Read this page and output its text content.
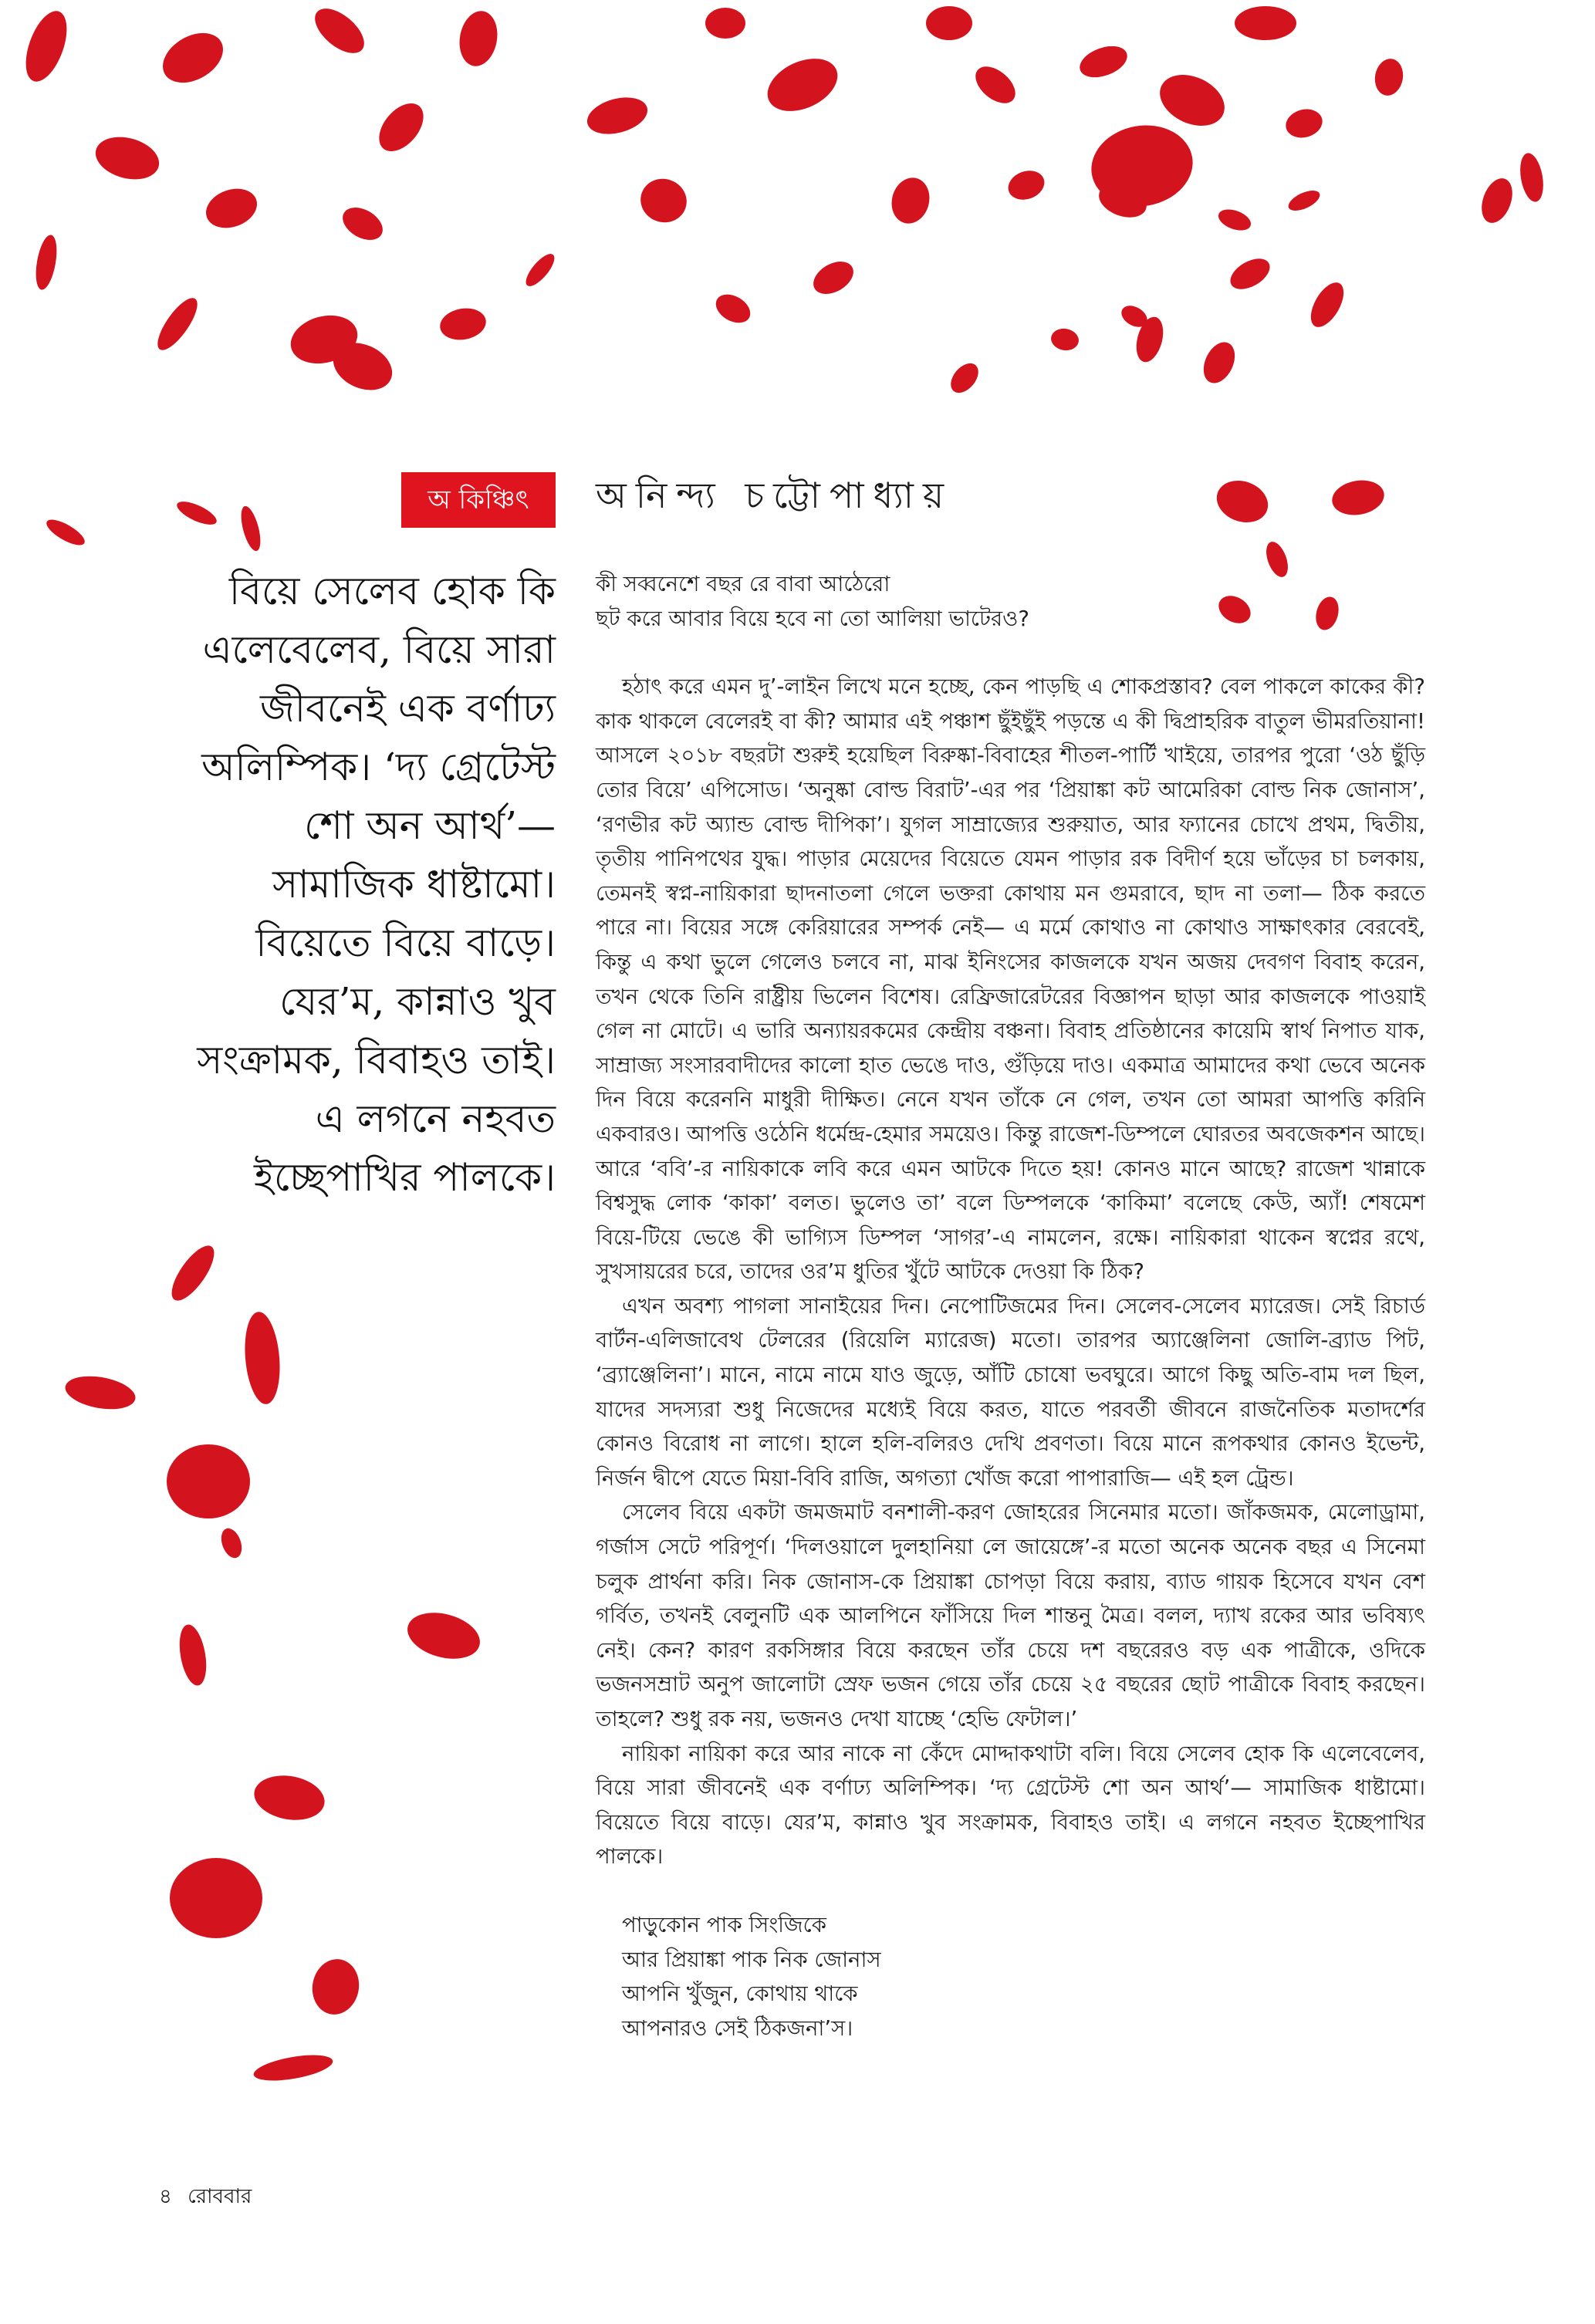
অ কিঞ্চিৎ	অনিন্দ্য চট্টোপাধ্যায়

বিয়ে সেলেব হোক কি

এলেবেলেব, বিয়ে সারা

জীবনেই এক বর্ণাঢ্য

অলিম্পিক। ‘দ্য গ্রেটেস্ট

শো অন আর্থ’—

সামাজিক ধাষ্টামো।

বিয়েতে বিয়ে বাড়ে।

যের’ম, কান্নাও খুব

সংক্রামক, বিবাহও তাই।

এ লগনে নহবত

ইচ্ছেপাখির পালকে।

কী সব্বনেশে বছর রে বাবা আঠেরো

ছট করে আবার বিয়ে হবে না তো আলিয়া ভাটেরও?

হঠাৎ করে এমন দু’-লাইন লিখে মনে হচ্ছে, কেন পাড়ছি এ শোকপ্রস্তাব? বেল পাকলে কাকের কী? কাক থাকলে বেলেরই বা কী? আমার এই পঞ্চাশ ছুঁইছুঁই পড়ন্তে এ কী দ্বিপ্রাহরিক বাতুল ভীমরতিয়ানা! আসলে ২০১৮ বছরটা শুরুই হয়েছিল বিরুষ্কা-বিবাহের শীতল-পার্টি খাইয়ে, তারপর পুরো ‘ওঠ ছুঁড়ি তোর বিয়ে’ এপিসোড। ‘অনুষ্কা বোল্ড বিরাট’-এর পর ‘প্রিয়াঙ্কা কট আমেরিকা বোল্ড নিক জোনাস’, ‘রণভীর কট অ্যান্ড বোল্ড দীপিকা’। যুগল সাম্রাজ্যের শুরুয়াত, আর ফ্যানের চোখে প্রথম, দ্বিতীয়, তৃতীয় পানিপথের যুদ্ধ। পাড়ার মেয়েদের বিয়েতে যেমন পাড়ার রক বিদীর্ণ হয়ে ভাঁড়ের চা চলকায়, তেমনই স্বপ্ন-নায়িকারা ছাদনাতলা গেলে ভক্তরা কোথায় মন গুমরাবে, ছাদ না তলা— ঠিক করতে পারে না। বিয়ের সঙ্গে কেরিয়ারের সম্পর্ক নেই— এ মর্মে কোথাও না কোথাও সাক্ষাৎকার বেরবেই, কিন্তু এ কথা ভুলে গেলেও চলবে না, মাঝ ইনিংসের কাজলকে যখন অজয় দেবগণ বিবাহ করেন, তখন থেকে তিনি রাষ্ট্রীয় ভিলেন বিশেষ। রেফ্রিজারেটরের বিজ্ঞাপন ছাড়া আর কাজলকে পাওয়াই গেল না মোটে। এ ভারি অন্যায়রকমের কেন্দ্রীয় বঞ্চনা। বিবাহ প্রতিষ্ঠানের কায়েমি স্বার্থ নিপাত যাক, সাম্রাজ্য সংসারবাদীদের কালো হাত ভেঙে দাও, গুঁড়িয়ে দাও। একমাত্র আমাদের কথা ভেবে অনেক দিন বিয়ে করেননি মাধুরী দীক্ষিত। নেনে যখন তাঁকে নে গেল, তখন তো আমরা আপত্তি করিনি একবারও। আপত্তি ওঠেনি ধর্মেন্দ্র-হেমার সময়েও। কিন্তু রাজেশ-ডিম্পলে ঘোরতর অবজেকশন আছে। আরে ‘ববি’-র নায়িকাকে লবি করে এমন আটকে দিতে হয়! কোনও মানে আছে? রাজেশ খান্নাকে বিশ্বসুদ্ধ লোক ‘কাকা’ বলত। ভুলেও তা’ বলে ডিম্পলকে ‘কাকিমা’ বলেছে কেউ, অ্যাঁ! শেষমেশ বিয়ে-টিয়ে ভেঙে কী ভাগ্যিস ডিম্পল ‘সাগর’-এ নামলেন, রক্ষে। নায়িকারা থাকেন স্বপ্নের রথে, সুখসায়রের চরে, তাদের ওর’ম ধুতির খুঁটে আটকে দেওয়া কি ঠিক?

এখন অবশ্য পাগলা সানাইয়ের দিন। নেপোটিজমের দিন। সেলেব-সেলেব ম্যারেজ। সেই রিচার্ড বার্টন-এলিজাবেথ টেলরের (রিয়েলি ম্যারেজ) মতো। তারপর অ্যাঞ্জেলিনা জোলি-ব্র্যাড পিট, ‘ব্র্যাঞ্জেলিনা’। মানে, নামে নামে যাও জুড়ে, আঁটি চোষো ভবঘুরে। আগে কিছু অতি-বাম দল ছিল, যাদের সদস্যরা শুধু নিজেদের মধ্যেই বিয়ে করত, যাতে পরবর্তী জীবনে রাজনৈতিক মতাদর্শের কোনও বিরোধ না লাগে। হালে হলি-বলিরও দেখি প্রবণতা। বিয়ে মানে রূপকথার কোনও ইভেন্ট, নির্জন দ্বীপে যেতে মিয়া-বিবি রাজি, অগত্যা খোঁজ করো পাপারাজি— এই হল ট্রেন্ড।

সেলেব বিয়ে একটা জমজমাট বনশালী-করণ জোহরের সিনেমার মতো। জাঁকজমক, মেলোড্রামা, গর্জাস সেটে পরিপূর্ণ। ‘দিলওয়ালে দুলহানিয়া লে জায়েঙ্গে’-র মতো অনেক অনেক বছর এ সিনেমা চলুক প্রার্থনা করি। নিক জোনাস-কে প্রিয়াঙ্কা চোপড়া বিয়ে করায়, ব্যাড গায়ক হিসেবে যখন বেশ গর্বিত, তখনই বেলুনটি এক আলপিনে ফাঁসিয়ে দিল শান্তনু মৈত্র। বলল, দ্যাখ রকের আর ভবিষ্যৎ নেই। কেন? কারণ রকসিঙ্গার বিয়ে করছেন তাঁর চেয়ে দশ বছরেরও বড় এক পাত্রীকে, ওদিকে ভজনসম্রাট অনুপ জালোটা স্রেফ ভজন গেয়ে তাঁর চেয়ে ২৫ বছরের ছোট পাত্রীকে বিবাহ করছেন। তাহলে? শুধু রক নয়, ভজনও দেখা যাচ্ছে ‘হেভি ফেটাল।’

নায়িকা নায়িকা করে আর নাকে না কেঁদে মোদ্দাকথাটা বলি। বিয়ে সেলেব হোক কি এলেবেলেব, বিয়ে সারা জীবনেই এক বর্ণাঢ্য অলিম্পিক। ‘দ্য গ্রেটেস্ট শো অন আর্থ’— সামাজিক ধাষ্টামো। বিয়েতে বিয়ে বাড়ে। যের’ম, কান্নাও খুব সংক্রামক, বিবাহও তাই। এ লগনে নহবত ইচ্ছেপাখির পালকে।

পাড়ুকোন পাক সিংজিকে

আর প্রিয়াঙ্কা পাক নিক জোনাস

আপনি খুঁজুন, কোথায় থাকে

আপনারও সেই ঠিকজনা’স।

৪ রোববার
